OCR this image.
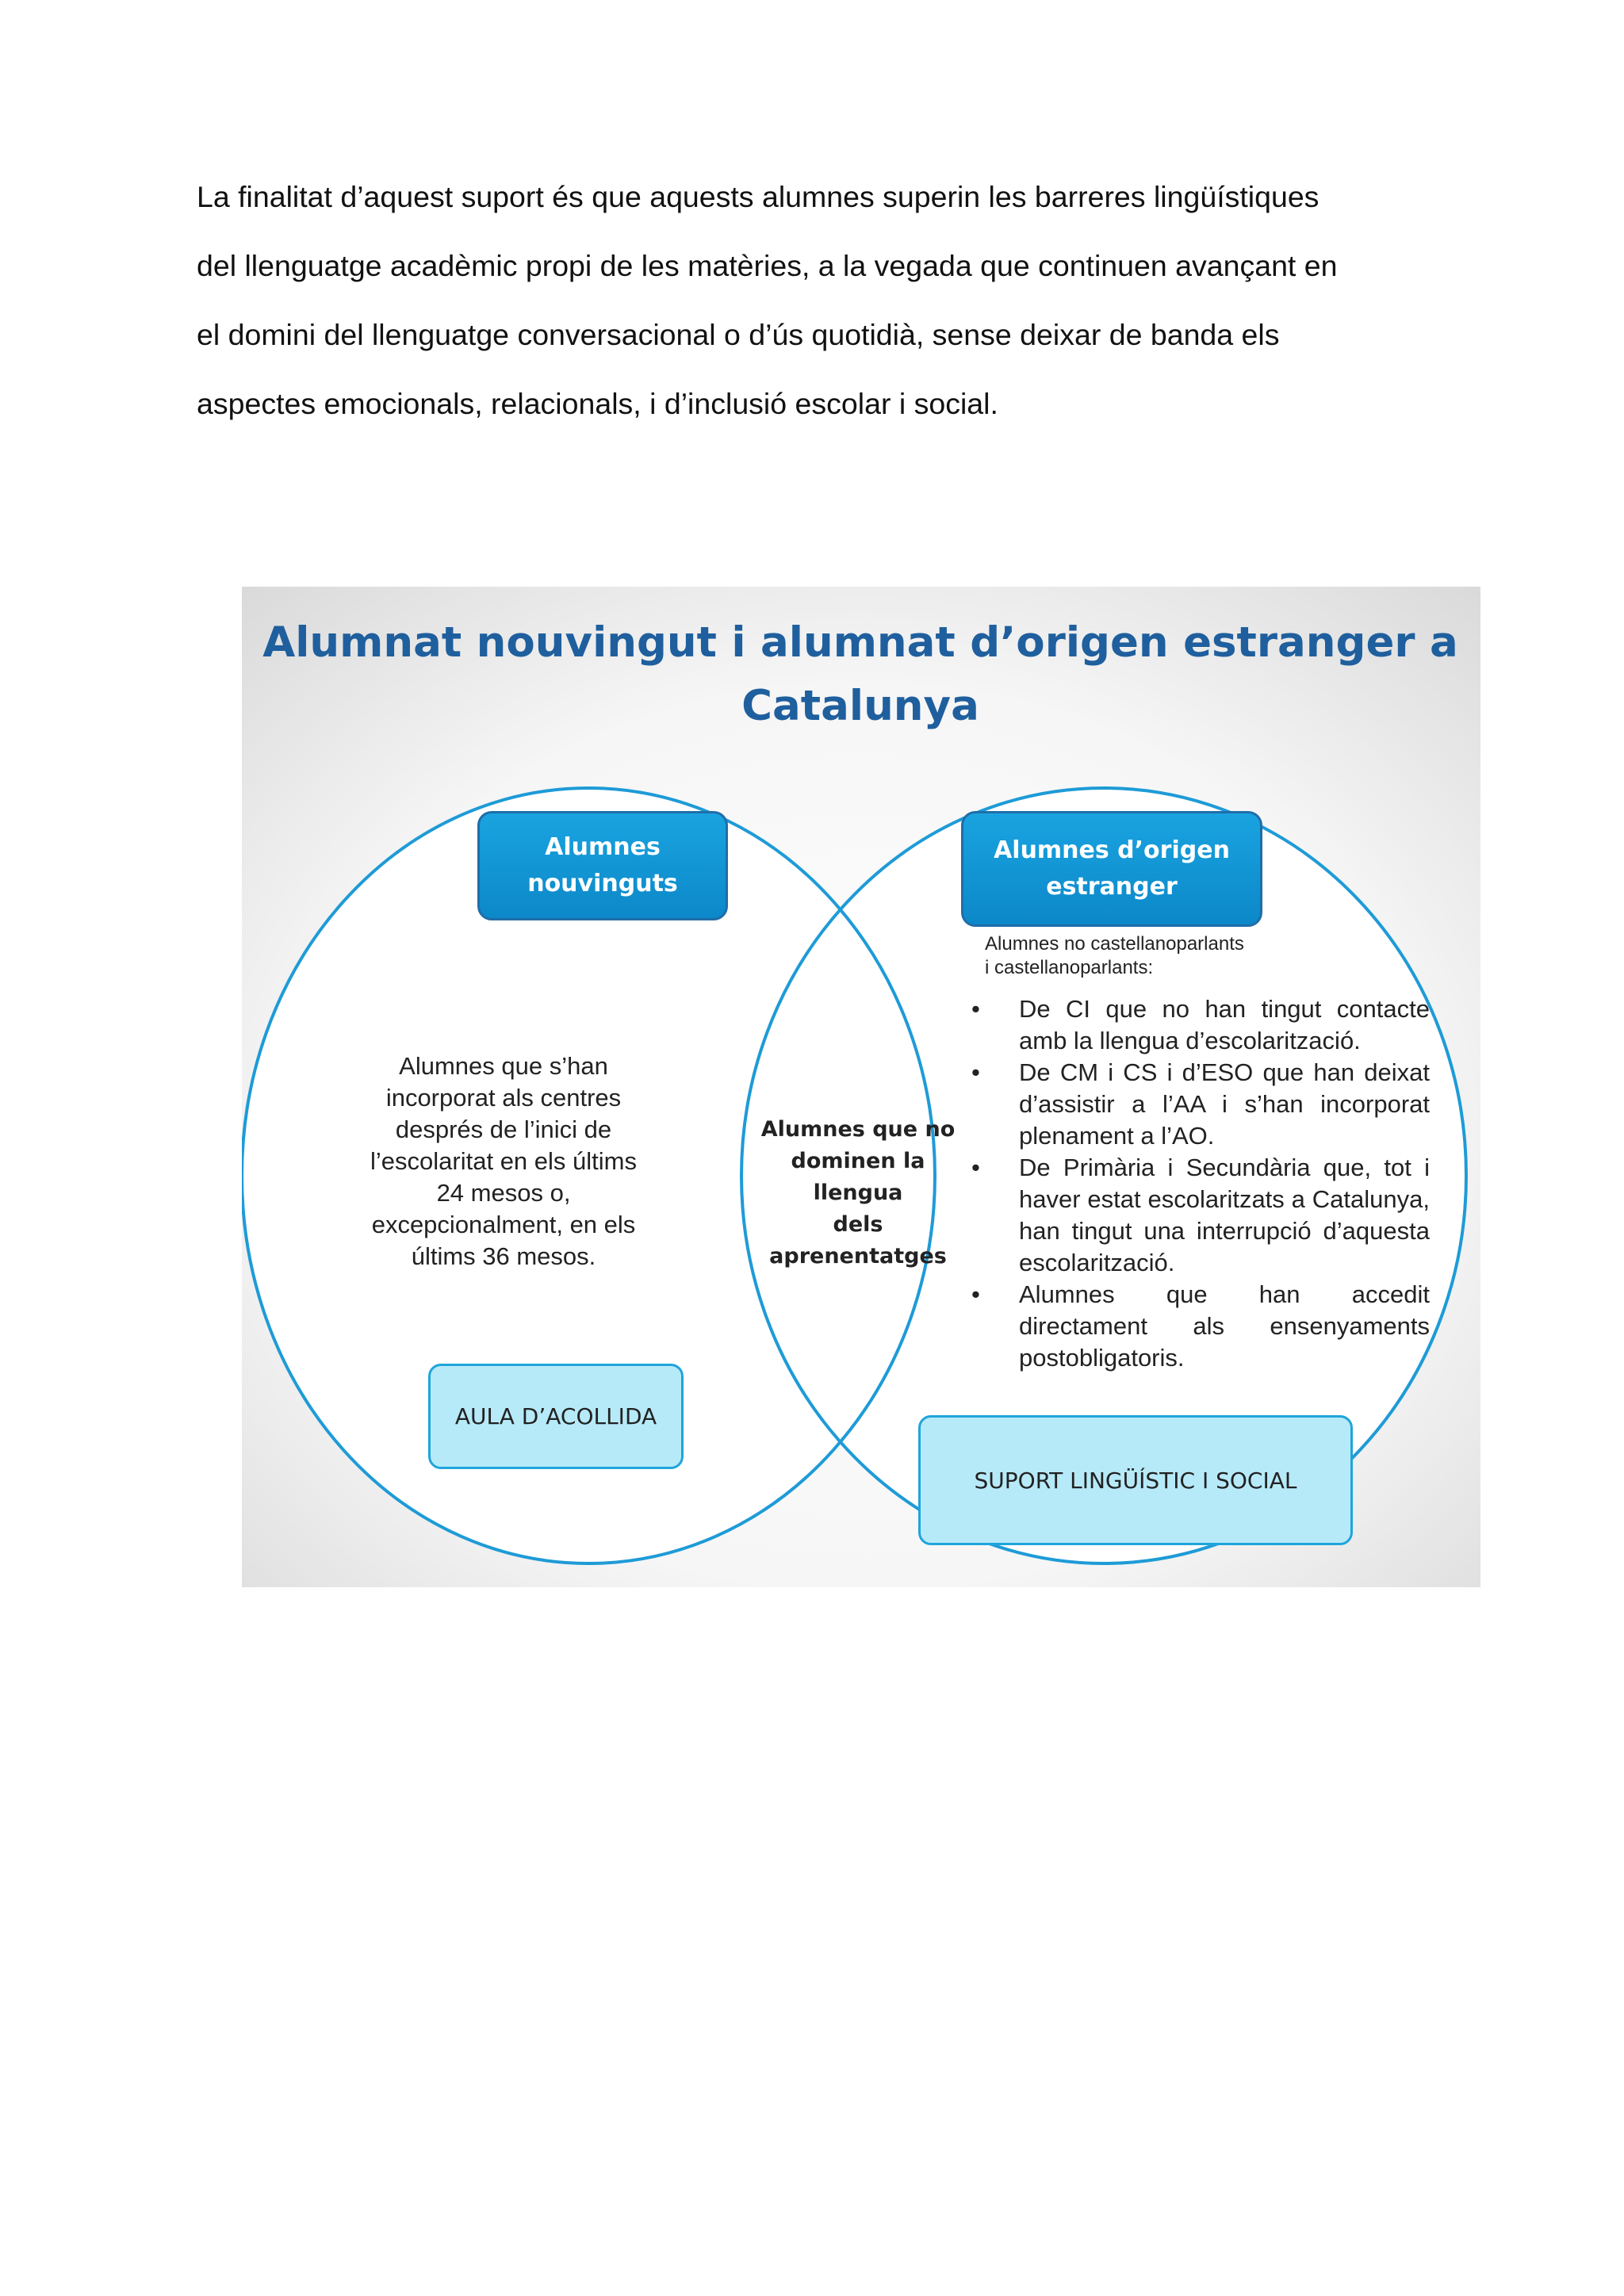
La finalitat d’aquest suport és que aquests alumnes superin les barreres lingüístiques
del llenguatge acadèmic propi de les matèries, a la vegada que continuen avançant en
el domini del llenguatge conversacional o d’ús quotidià, sense deixar de banda els
aspectes emocionals, relacionals, i d’inclusió escolar i social.
Alumnat nouvingut i alumnat d’origen estranger a
Catalunya
Alumnes
nouvinguts
Alumnes d’origen
estranger
Alumnes que s’han
incorporat als centres
després de l’inici de
l’escolaritat en els últims
24 mesos o,
excepcionalment, en els
últims 36 mesos.
Alumnes que no
dominen la llengua
dels aprenentatges
Alumnes no castellanoparlants
i castellanoparlants:
• De CI que no han tingut contacte amb la llengua d’escolarització.
• De CM i CS i d’ESO que han deixat d’assistir a l’AA i s’han incorporat plenament a l’AO.
• De Primària i Secundària que, tot i haver estat escolaritzats a Catalunya, han tingut una interrupció d’aquesta escolarització.
• Alumnes que han accedit directament als ensenyaments postobligatoris.
AULA D’ACOLLIDA
SUPORT LINGÜÍSTIC I SOCIAL
